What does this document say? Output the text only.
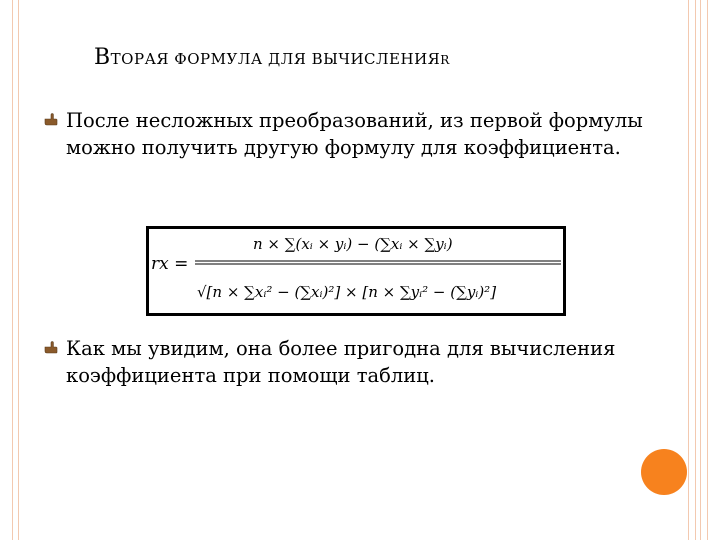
ВТОРАЯ ФОРМУЛА ДЛЯ ВЫЧИСЛЕНИЯR
После несложных преобразований, из первой формулы можно получить другую формулу для коэффициента.
rx =
n × ∑(xᵢ × yᵢ) − (∑xᵢ × ∑yᵢ)
√[n × ∑xᵢ² − (∑xᵢ)²] × [n × ∑yᵢ² − (∑yᵢ)²]
Как мы увидим, она более пригодна для вычисления коэффициента при помощи таблиц.
